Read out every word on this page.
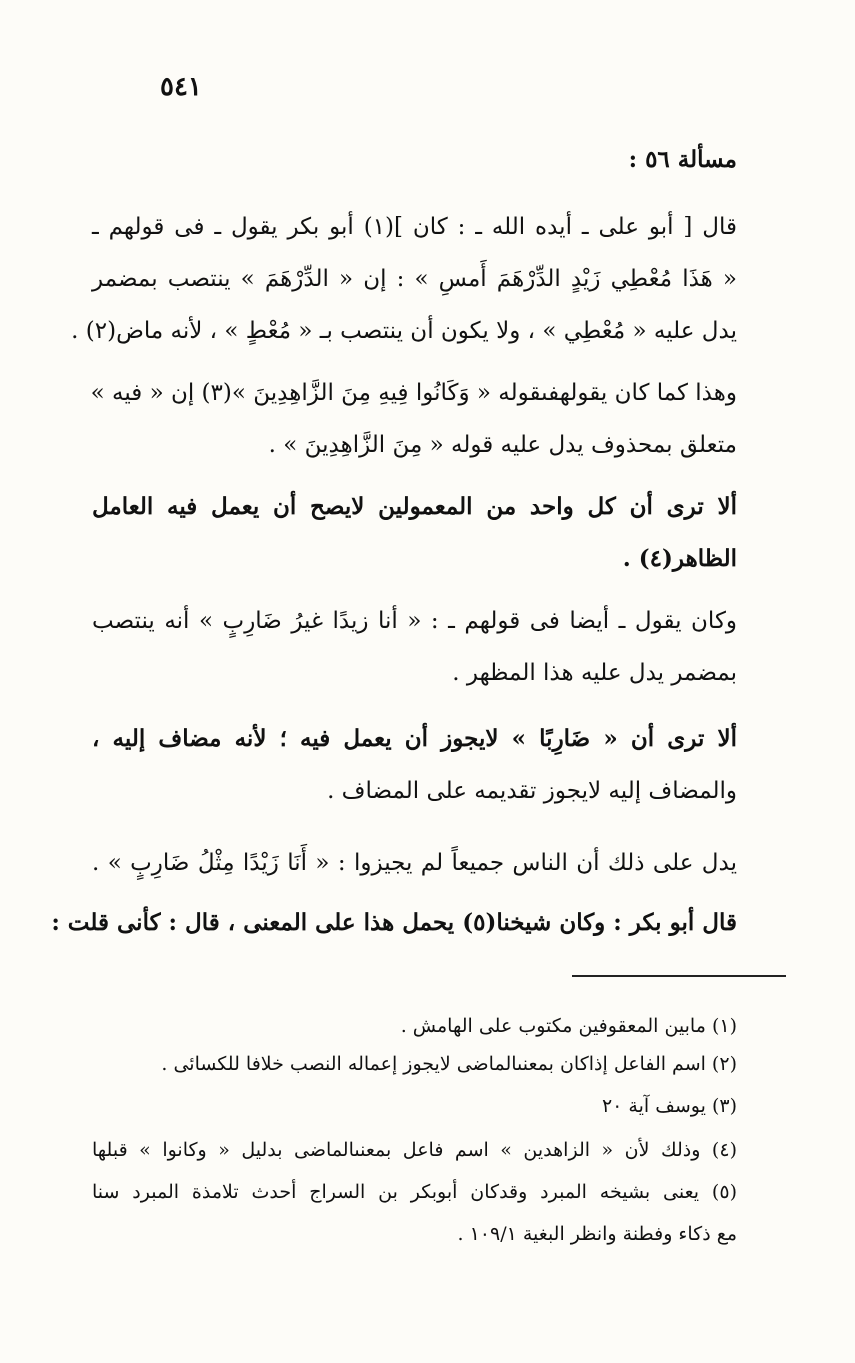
٥٤١
مسألة ٥٦ :
قال [ أبو على ـ أيده الله ـ : كان ](١) أبو بكر يقول ـ فى قولهم ـ
« هَذَا مُعْطِي زَيْدٍ الدِّرْهَمَ أَمسِ » : إن « الدِّرْهَمَ » ينتصب بمضمر
يدل عليه « مُعْطِي » ، ولا يكون أن ينتصب بـ « مُعْطٍ » ، لأنه ماض(٢) .
وهذا كما كان يقولهفىقوله « وَكَانُوا فِيهِ مِنَ الزَّاهِدِينَ »(٣) إن « فيه »
متعلق بمحذوف يدل عليه قوله « مِنَ الزَّاهِدِينَ » .
ألا ترى أن كل واحد من المعمولين لايصح أن يعمل فيه العامل
الظاهر(٤) .
وكان يقول ـ أيضا فى قولهم ـ : « أنا زيدًا غيرُ ضَارِبٍ » أنه ينتصب
بمضمر يدل عليه هذا المظهر .
ألا ترى أن « ضَارِبًا » لايجوز أن يعمل فيه ؛ لأنه مضاف إليه ،
والمضاف إليه لايجوز تقديمه على المضاف .
يدل على ذلك أن الناس جميعاً لم يجيزوا : « أَنَا زَيْدًا مِثْلُ ضَارِبٍ » .
قال أبو بكر : وكان شيخنا(٥) يحمل هذا على المعنى ، قال : كأنى قلت :
(١) مابين المعقوفين مكتوب على الهامش .
(٢) اسم الفاعل إذاكان بمعنىالماضى لايجوز إعماله النصب خلافا للكسائى .
(٣) يوسف آية ٢٠
(٤) وذلك لأن « الزاهدين » اسم فاعل بمعنىالماضى بدليل « وكانوا » قبلها
(٥) يعنى بشيخه المبرد وقدكان أبوبكر بن السراج أحدث تلامذة المبرد سنا
مع ذكاء وفطنة وانظر البغية ١٠٩/١ .
